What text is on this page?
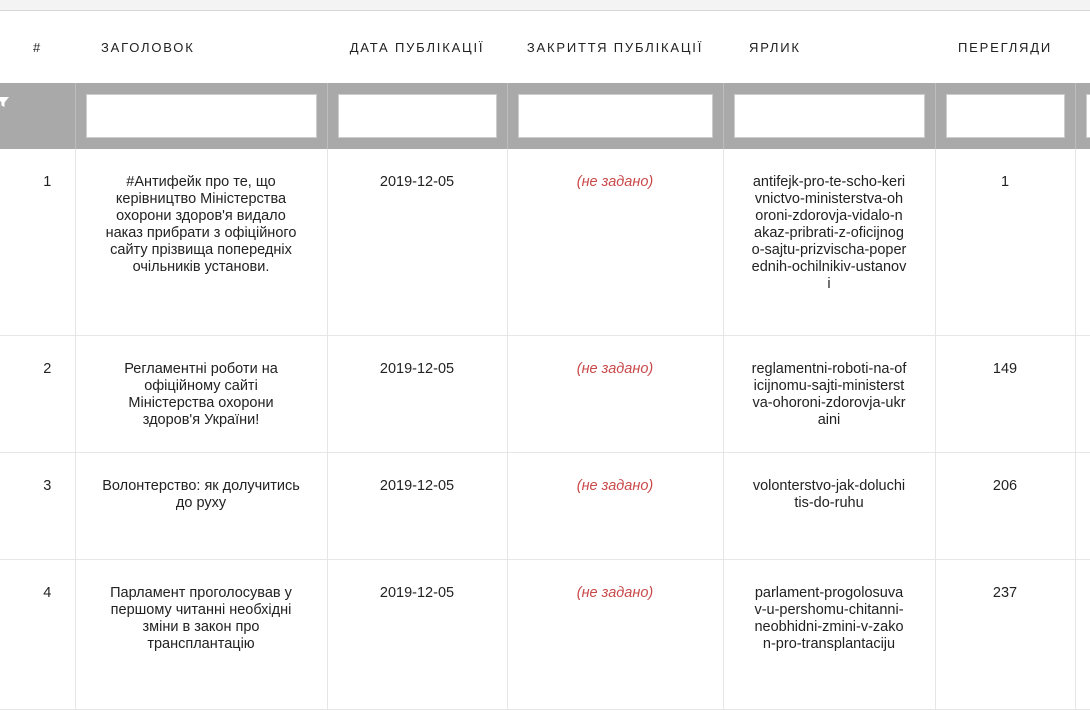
#	ЗАГОЛОВОК	ДАТА ПУБЛІКАЦІЇ	ЗАКРИТТЯ ПУБЛІКАЦІЇ	ЯРЛИК	ПЕРЕГЛЯДИ	

1	#Антифейк про те, що керівництво Міністерства охорони здоров'я видало наказ прибрати з офіційного сайту прізвища попередніх очільників установи.	2019-12-05	(не задано)	antifejk-pro-te-scho-kerivnictvo-ministerstva-ohoroni-zdorovja-vidalo-nakaz-pribrati-z-oficijnogo-sajtu-prizvischa-poperednih-ochilnikiv-ustanovi	1	
2	Регламентні роботи на офіційному сайті Міністерства охорони здоров'я України!	2019-12-05	(не задано)	reglamentni-roboti-na-oficijnomu-sajti-ministerstva-ohoroni-zdorovja-ukraini	149	
3	Волонтерство: як долучитись до руху	2019-12-05	(не задано)	volonterstvo-jak-doluchitis-do-ruhu	206	
4	Парламент проголосував у першому читанні необхідні зміни в закон про трансплантацію	2019-12-05	(не задано)	parlament-progolosuvav-u-pershomu-chitanni-neobhidni-zmini-v-zakon-pro-transplantaciju	237	
